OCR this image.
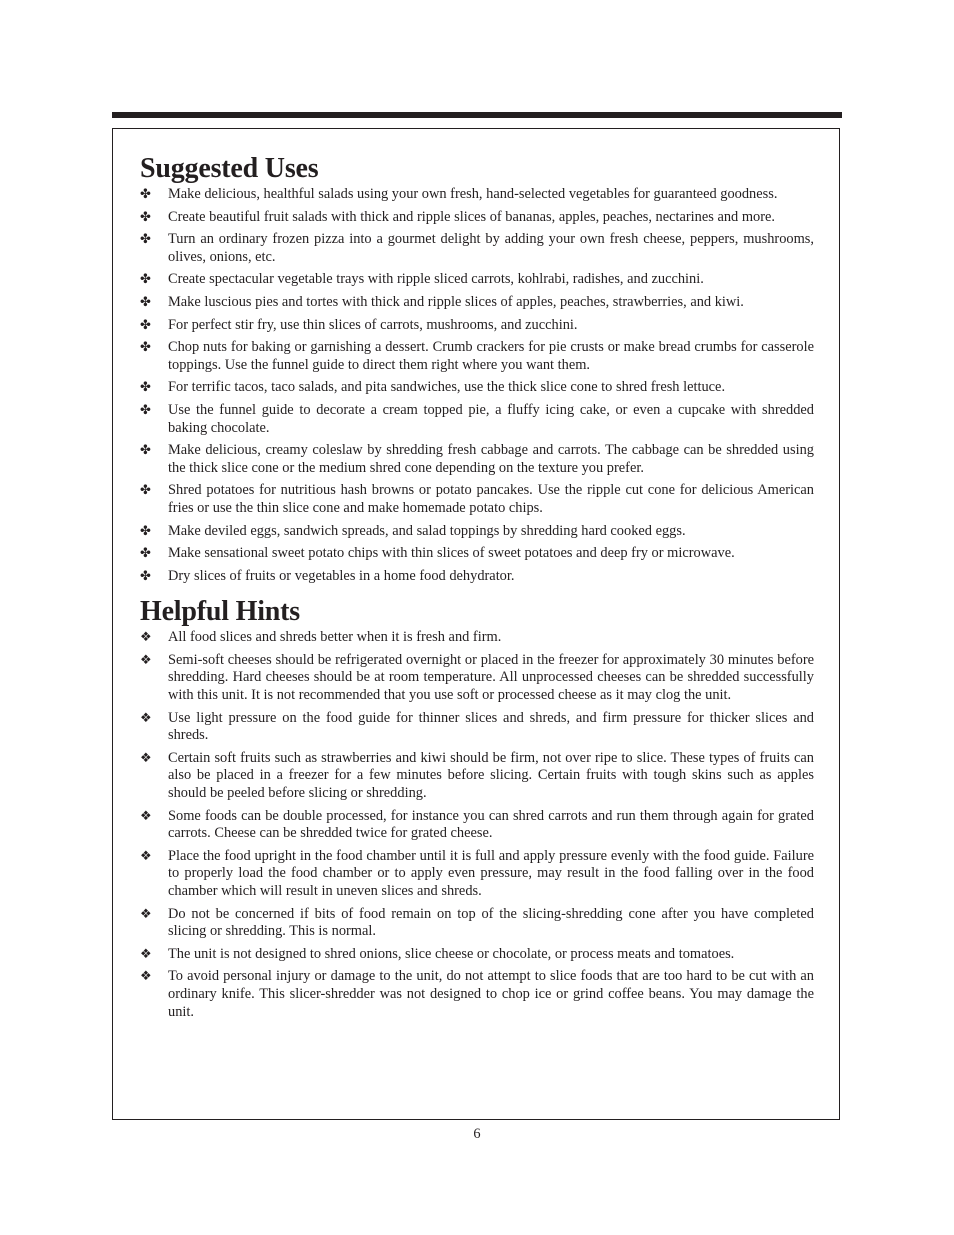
Suggested Uses
✤ Make delicious, healthful salads using your own fresh, hand-selected vegetables for guaranteed goodness.
✤ Create beautiful fruit salads with thick and ripple slices of bananas, apples, peaches, nectarines and more.
✤ Turn an ordinary frozen pizza into a gourmet delight by adding your own fresh cheese, peppers, mushrooms, olives, onions, etc.
✤ Create spectacular vegetable trays with ripple sliced carrots, kohlrabi, radishes, and zucchini.
✤ Make luscious pies and tortes with thick and ripple slices of apples, peaches, strawberries, and kiwi.
✤ For perfect stir fry, use thin slices of carrots, mushrooms, and zucchini.
✤ Chop nuts for baking or garnishing a dessert. Crumb crackers for pie crusts or make bread crumbs for casserole toppings. Use the funnel guide to direct them right where you want them.
✤ For terrific tacos, taco salads, and pita sandwiches, use the thick slice cone to shred fresh lettuce.
✤ Use the funnel guide to decorate a cream topped pie, a fluffy icing cake, or even a cupcake with shredded baking chocolate.
✤ Make delicious, creamy coleslaw by shredding fresh cabbage and carrots. The cabbage can be shredded using the thick slice cone or the medium shred cone depending on the texture you prefer.
✤ Shred potatoes for nutritious hash browns or potato pancakes. Use the ripple cut cone for delicious American fries or use the thin slice cone and make homemade potato chips.
✤ Make deviled eggs, sandwich spreads, and salad toppings by shredding hard cooked eggs.
✤ Make sensational sweet potato chips with thin slices of sweet potatoes and deep fry or microwave.
✤ Dry slices of fruits or vegetables in a home food dehydrator.
Helpful Hints
❖ All food slices and shreds better when it is fresh and firm.
❖ Semi-soft cheeses should be refrigerated overnight or placed in the freezer for approximately 30 minutes before shredding. Hard cheeses should be at room temperature. All unprocessed cheeses can be shredded successfully with this unit. It is not recommended that you use soft or processed cheese as it may clog the unit.
❖ Use light pressure on the food guide for thinner slices and shreds, and firm pressure for thicker slices and shreds.
❖ Certain soft fruits such as strawberries and kiwi should be firm, not over ripe to slice. These types of fruits can also be placed in a freezer for a few minutes before slicing. Certain fruits with tough skins such as apples should be peeled before slicing or shredding.
❖ Some foods can be double processed, for instance you can shred carrots and run them through again for grated carrots. Cheese can be shredded twice for grated cheese.
❖ Place the food upright in the food chamber until it is full and apply pressure evenly with the food guide. Failure to properly load the food chamber or to apply even pressure, may result in the food falling over in the food chamber which will result in uneven slices and shreds.
❖ Do not be concerned if bits of food remain on top of the slicing-shredding cone after you have completed slicing or shredding. This is normal.
❖ The unit is not designed to shred onions, slice cheese or chocolate, or process meats and tomatoes.
❖ To avoid personal injury or damage to the unit, do not attempt to slice foods that are too hard to be cut with an ordinary knife. This slicer-shredder was not designed to chop ice or grind coffee beans. You may damage the unit.
6
